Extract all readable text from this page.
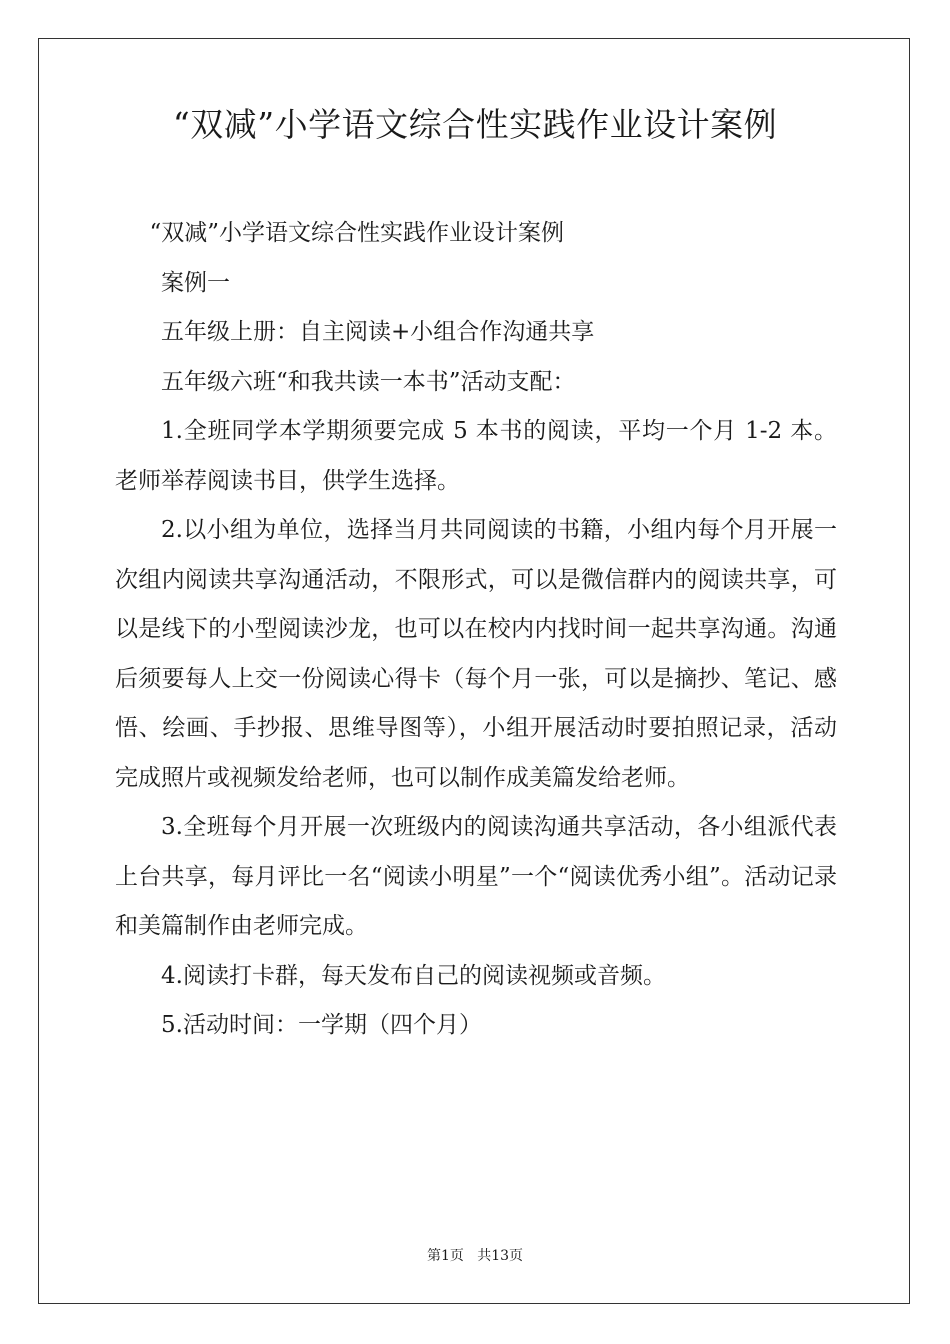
“双减”小学语文综合性实践作业设计案例

“双减”小学语文综合性实践作业设计案例

案例一

五年级上册：自主阅读+小组合作沟通共享

五年级六班“和我共读一本书”活动支配：

1.全班同学本学期须要完成 5 本书的阅读，平均一个月 1-2 本。老师举荐阅读书目，供学生选择。

2.以小组为单位，选择当月共同阅读的书籍，小组内每个月开展一次组内阅读共享沟通活动，不限形式，可以是微信群内的阅读共享，可以是线下的小型阅读沙龙，也可以在校内内找时间一起共享沟通。沟通后须要每人上交一份阅读心得卡（每个月一张，可以是摘抄、笔记、感悟、绘画、手抄报、思维导图等），小组开展活动时要拍照记录，活动完成照片或视频发给老师，也可以制作成美篇发给老师。

3.全班每个月开展一次班级内的阅读沟通共享活动，各小组派代表上台共享，每月评比一名“阅读小明星”一个“阅读优秀小组”。活动记录和美篇制作由老师完成。

4.阅读打卡群，每天发布自己的阅读视频或音频。

5.活动时间：一学期（四个月）

第1页   共13页
